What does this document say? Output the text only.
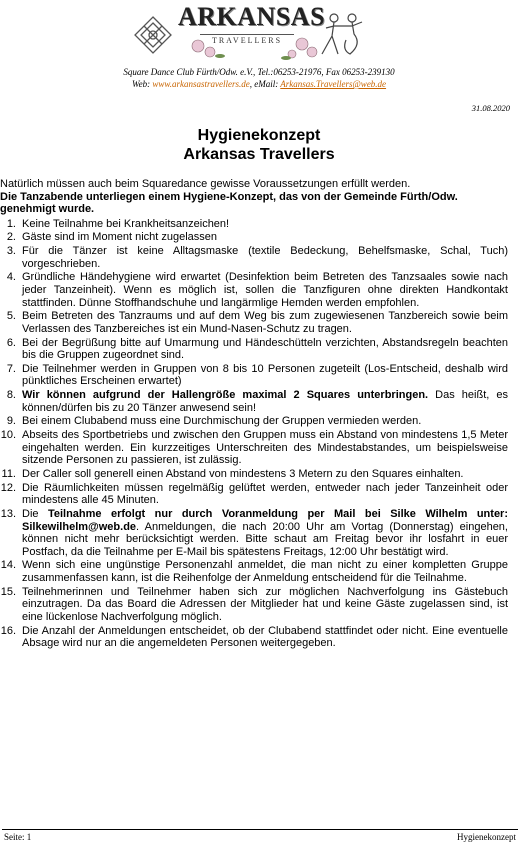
ARKANSAS
TRAVELLERS
Square Dance Club Fürth/Odw. e.V., Tel.:06253-21976, Fax 06253-239130
Web: www.arkansastravellers.de, eMail: Arkansas.Travellers@web.de
31.08.2020
Hygienekonzept
Arkansas Travellers

Natürlich müssen auch beim Squaredance gewisse Voraussetzungen erfüllt werden.

Die Tanzabende unterliegen einem Hygiene-Konzept, das von der Gemeinde Fürth/Odw. genehmigt wurde.

1. Keine Teilnahme bei Krankheitsanzeichen!
2. Gäste sind im Moment nicht zugelassen
3. Für die Tänzer ist keine Alltagsmaske (textile Bedeckung, Behelfsmaske, Schal, Tuch) vorgeschrieben.
4. Gründliche Händehygiene wird erwartet (Desinfektion beim Betreten des Tanzsaales sowie nach jeder Tanzeinheit). Wenn es möglich ist, sollen die Tanzfiguren ohne direkten Handkontakt stattfinden. Dünne Stoffhandschuhe und langärmlige Hemden werden empfohlen.
5. Beim Betreten des Tanzraums und auf dem Weg bis zum zugewiesenen Tanzbereich sowie beim Verlassen des Tanzbereiches ist ein Mund-Nasen-Schutz zu tragen.
6. Bei der Begrüßung bitte auf Umarmung und Händeschütteln verzichten, Abstandsregeln beachten bis die Gruppen zugeordnet sind.
7. Die Teilnehmer werden in Gruppen von 8 bis 10 Personen zugeteilt (Los-Entscheid, deshalb wird pünktliches Erscheinen erwartet)
8. Wir können aufgrund der Hallengröße maximal 2 Squares unterbringen. Das heißt, es können/dürfen bis zu 20 Tänzer anwesend sein!
9. Bei einem Clubabend muss eine Durchmischung der Gruppen vermieden werden.
10. Abseits des Sportbetriebs und zwischen den Gruppen muss ein Abstand von mindestens 1,5 Meter eingehalten werden. Ein kurzzeitiges Unterschreiten des Mindestabstandes, um beispielsweise sitzende Personen zu passieren, ist zulässig.
11. Der Caller soll generell einen Abstand von mindestens 3 Metern zu den Squares einhalten.
12. Die Räumlichkeiten müssen regelmäßig gelüftet werden, entweder nach jeder Tanzeinheit oder mindestens alle 45 Minuten.
13. Die Teilnahme erfolgt nur durch Voranmeldung per Mail bei Silke Wilhelm unter: Silkewilhelm@web.de. Anmeldungen, die nach 20:00 Uhr am Vortag (Donnerstag) eingehen, können nicht mehr berücksichtigt werden. Bitte schaut am Freitag bevor ihr losfahrt in euer Postfach, da die Teilnahme per E-Mail bis spätestens Freitags, 12:00 Uhr bestätigt wird.
14. Wenn sich eine ungünstige Personenzahl anmeldet, die man nicht zu einer kompletten Gruppe zusammenfassen kann, ist die Reihenfolge der Anmeldung entscheidend für die Teilnahme.
15. Teilnehmerinnen und Teilnehmer haben sich zur möglichen Nachverfolgung ins Gästebuch einzutragen. Da das Board die Adressen der Mitglieder hat und keine Gäste zugelassen sind, ist eine lückenlose Nachverfolgung möglich.
16. Die Anzahl der Anmeldungen entscheidet, ob der Clubabend stattfindet oder nicht. Eine eventuelle Absage wird nur an die angemeldeten Personen weitergegeben.
Seite: 1	Hygienekonzept
